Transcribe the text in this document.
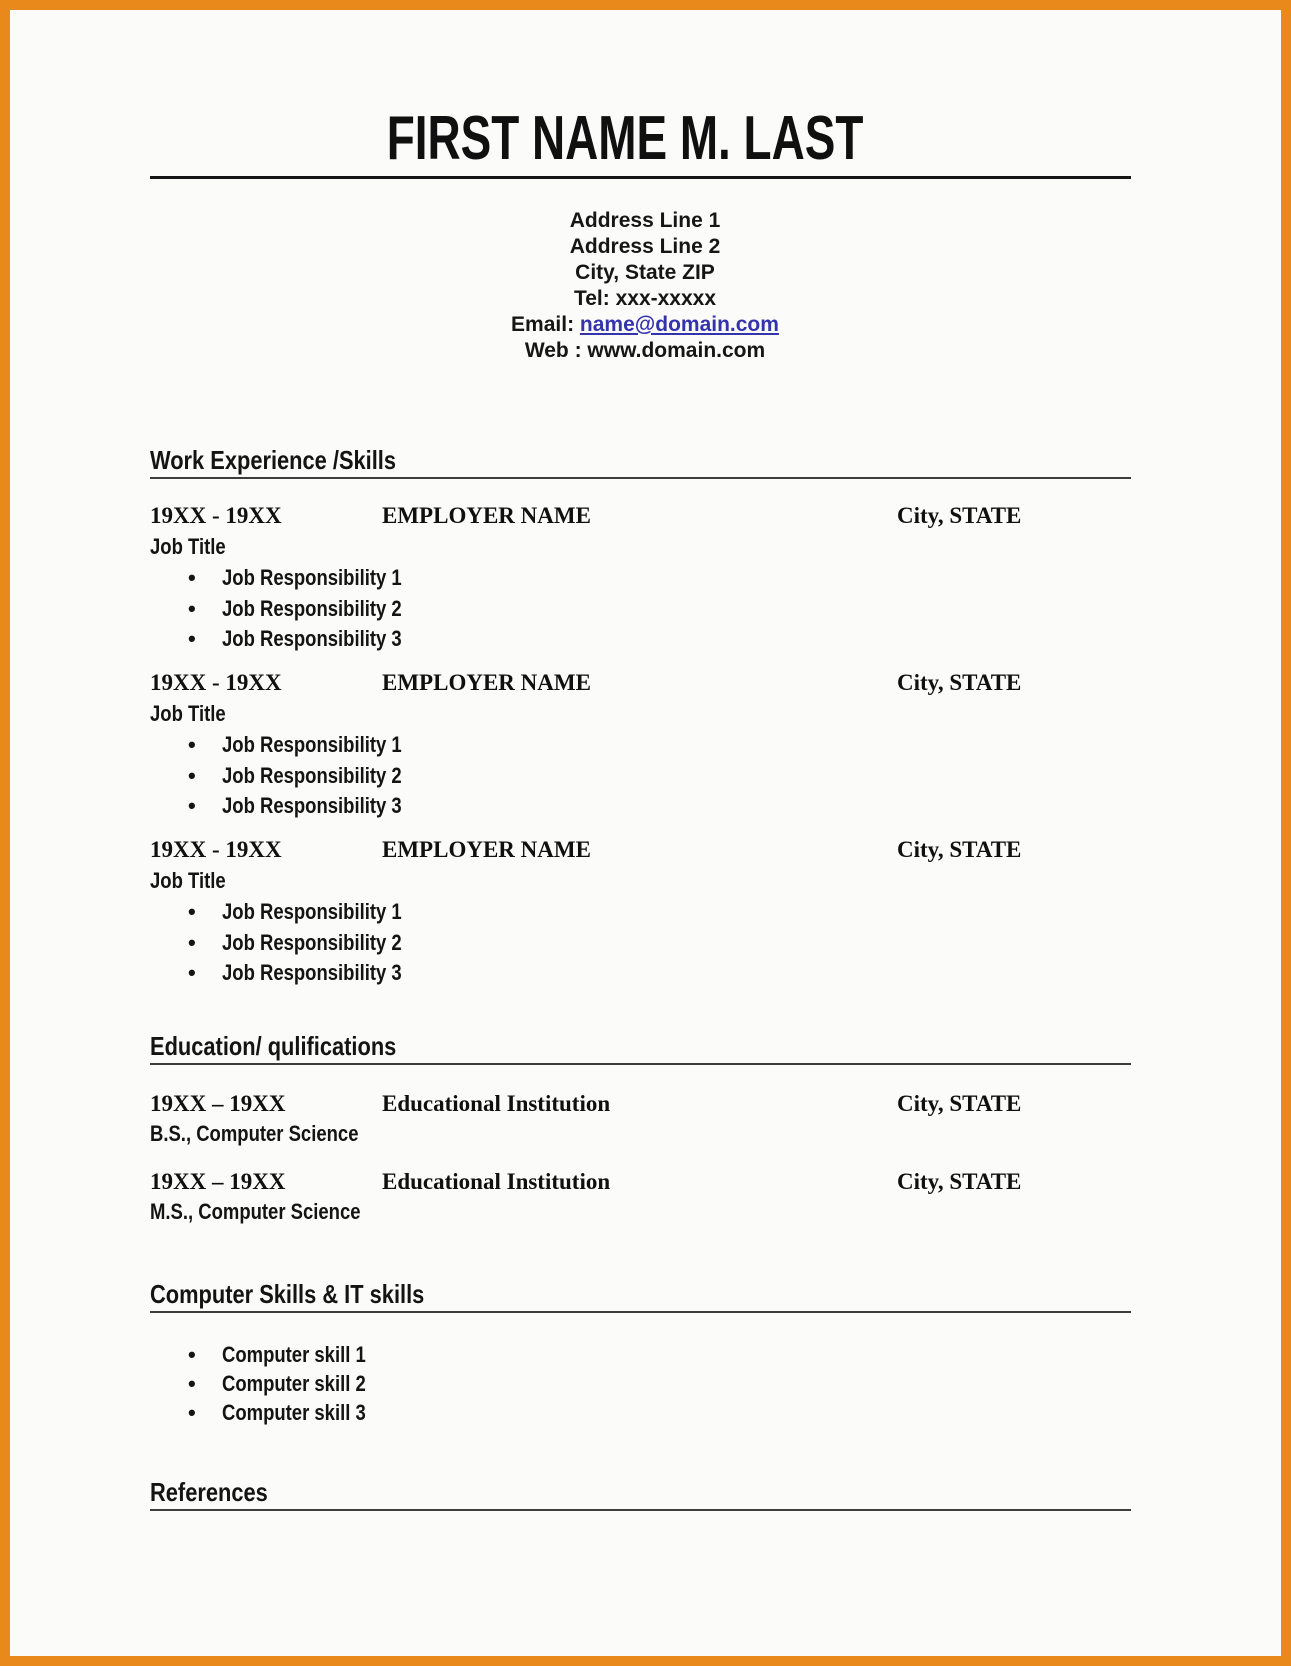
FIRST NAME M. LAST
Address Line 1
Address Line 2
City, State ZIP
Tel: xxx-xxxxx
Email: name@domain.com
Web : www.domain.com
Work Experience /Skills
19XX - 19XX	EMPLOYER NAME	City, STATE
Job Title
• Job Responsibility 1
• Job Responsibility 2
• Job Responsibility 3
19XX - 19XX	EMPLOYER NAME	City, STATE
Job Title
• Job Responsibility 1
• Job Responsibility 2
• Job Responsibility 3
19XX - 19XX	EMPLOYER NAME	City, STATE
Job Title
• Job Responsibility 1
• Job Responsibility 2
• Job Responsibility 3
Education/ qulifications
19XX – 19XX	Educational Institution	City, STATE
B.S., Computer Science
19XX – 19XX	Educational Institution	City, STATE
M.S., Computer Science
Computer Skills & IT skills
• Computer skill 1
• Computer skill 2
• Computer skill 3
References
